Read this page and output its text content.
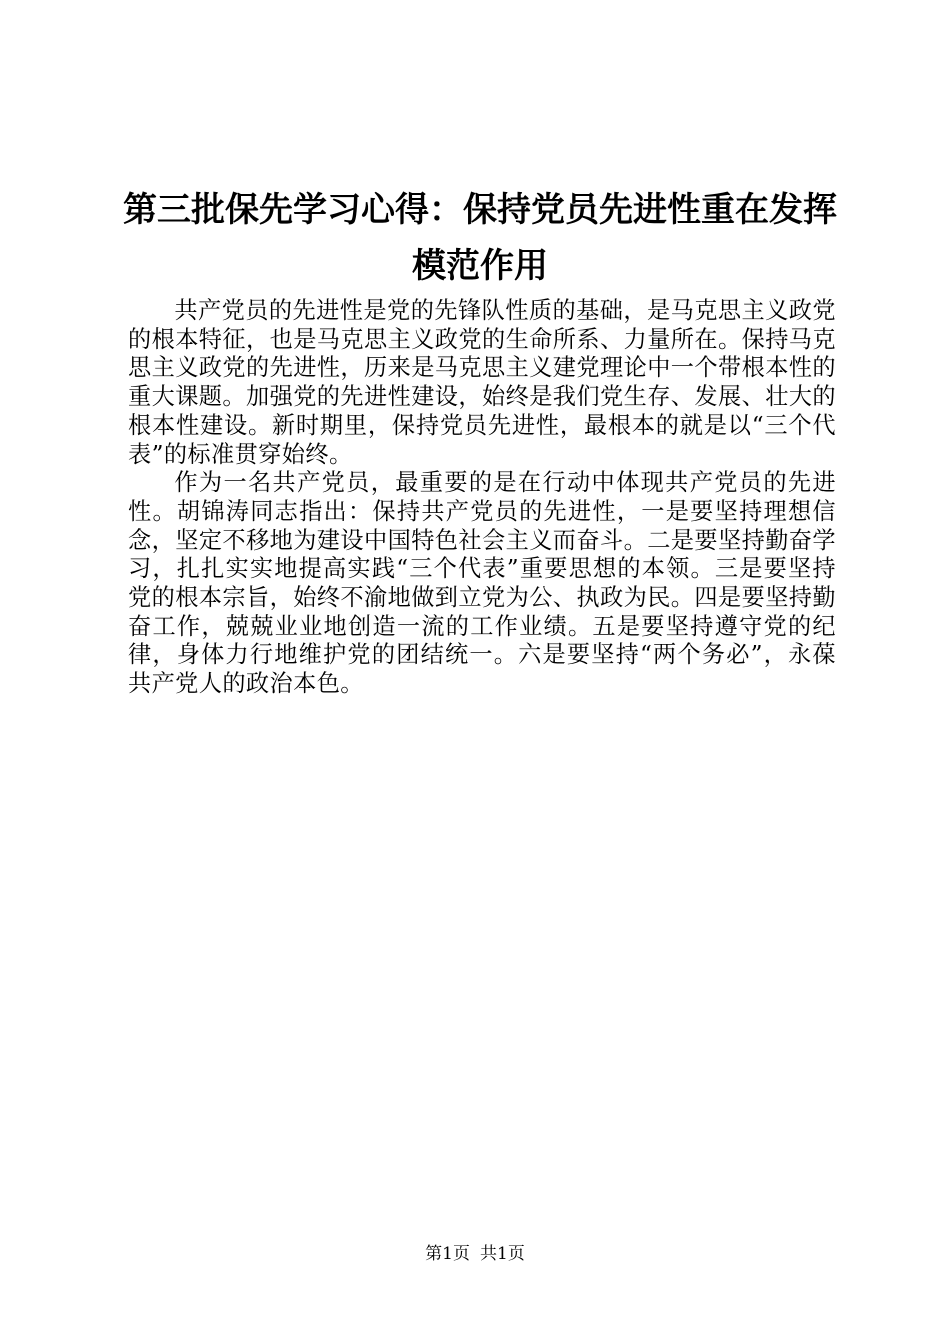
第三批保先学习心得：保持党员先进性重在发挥模范作用

共产党员的先进性是党的先锋队性质的基础，是马克思主义政党的根本特征，也是马克思主义政党的生命所系、力量所在。保持马克思主义政党的先进性，历来是马克思主义建党理论中一个带根本性的重大课题。加强党的先进性建设，始终是我们党生存、发展、壮大的根本性建设。新时期里，保持党员先进性，最根本的就是以“三个代表”的标准贯穿始终。

作为一名共产党员，最重要的是在行动中体现共产党员的先进性。胡锦涛同志指出：保持共产党员的先进性，一是要坚持理想信念，坚定不移地为建设中国特色社会主义而奋斗。二是要坚持勤奋学习，扎扎实实地提高实践“三个代表”重要思想的本领。三是要坚持党的根本宗旨，始终不渝地做到立党为公、执政为民。四是要坚持勤奋工作，兢兢业业地创造一流的工作业绩。五是要坚持遵守党的纪律，身体力行地维护党的团结统一。六是要坚持“两个务必”，永葆共产党人的政治本色。

第1页 共1页
